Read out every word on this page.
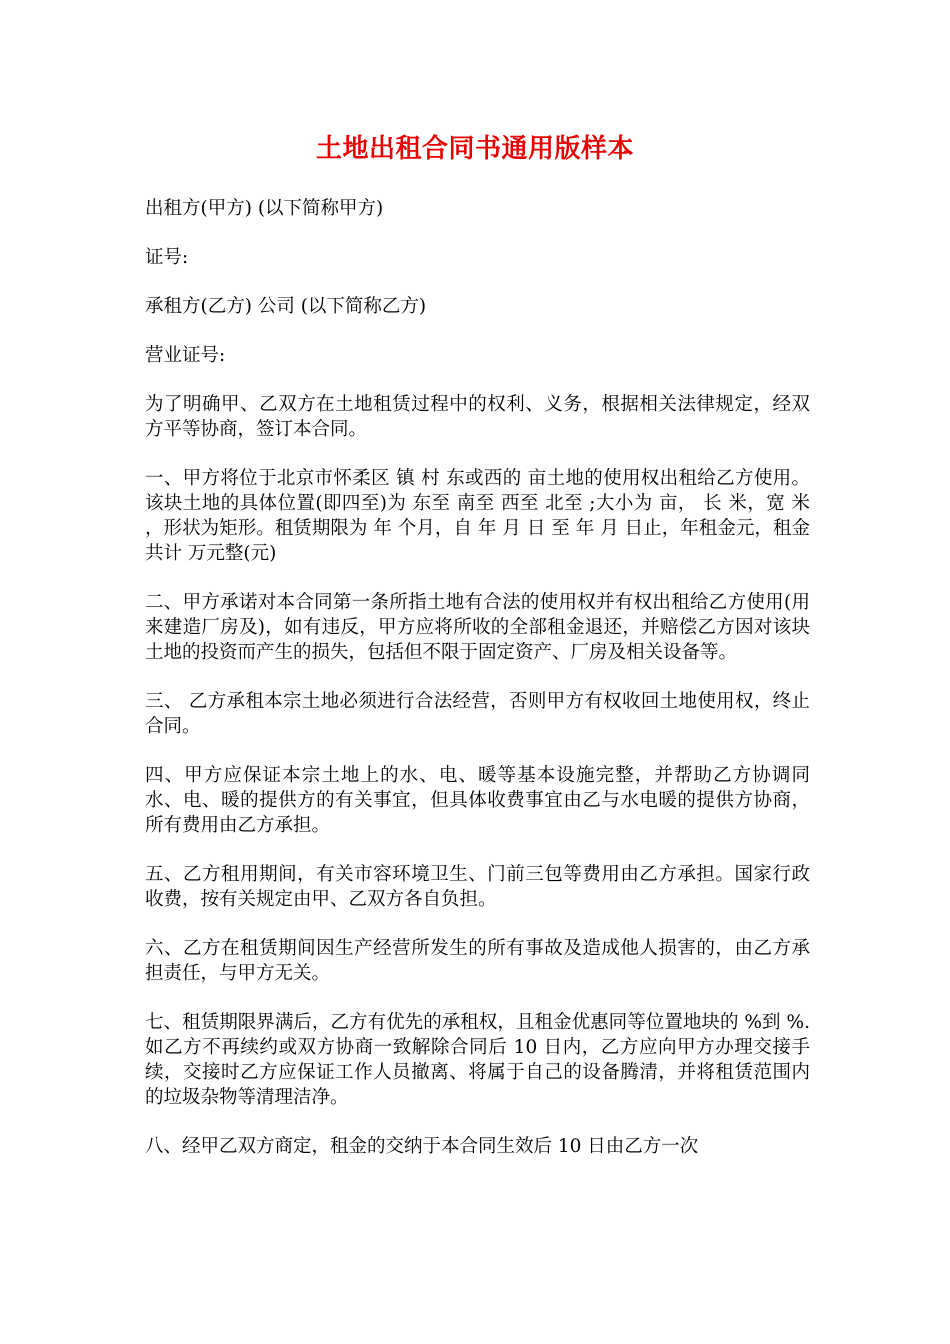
土地出租合同书通用版样本

出租方(甲方) (以下简称甲方)

证号:

承租方(乙方) 公司 (以下简称乙方)

营业证号:

为了明确甲、乙双方在土地租赁过程中的权利、义务，根据相关法律规定，经双方平等协商，签订本合同。

一、甲方将位于北京市怀柔区 镇 村 东或西的 亩土地的使用权出租给乙方使用。该块土地的具体位置(即四至)为 东至 南至 西至 北至 ;大小为 亩， 长 米，宽 米 ，形状为矩形。租赁期限为 年 个月，自 年 月 日 至 年 月 日止，年租金元，租金共计 万元整(元)

二、甲方承诺对本合同第一条所指土地有合法的使用权并有权出租给乙方使用(用来建造厂房及)，如有违反，甲方应将所收的全部租金退还，并赔偿乙方因对该块土地的投资而产生的损失，包括但不限于固定资产、厂房及相关设备等。

三、 乙方承租本宗土地必须进行合法经营，否则甲方有权收回土地使用权，终止合同。

四、甲方应保证本宗土地上的水、电、暖等基本设施完整，并帮助乙方协调同水、电、暖的提供方的有关事宜，但具体收费事宜由乙与水电暖的提供方协商，所有费用由乙方承担。

五、乙方租用期间，有关市容环境卫生、门前三包等费用由乙方承担。国家行政收费，按有关规定由甲、乙双方各自负担。

六、乙方在租赁期间因生产经营所发生的所有事故及造成他人损害的，由乙方承担责任，与甲方无关。

七、租赁期限界满后，乙方有优先的承租权，且租金优惠同等位置地块的 %到 %.如乙方不再续约或双方协商一致解除合同后 10 日内，乙方应向甲方办理交接手续，交接时乙方应保证工作人员撤离、将属于自己的设备腾清，并将租赁范围内的垃圾杂物等清理洁净。

八、经甲乙双方商定，租金的交纳于本合同生效后 10 日由乙方一次
